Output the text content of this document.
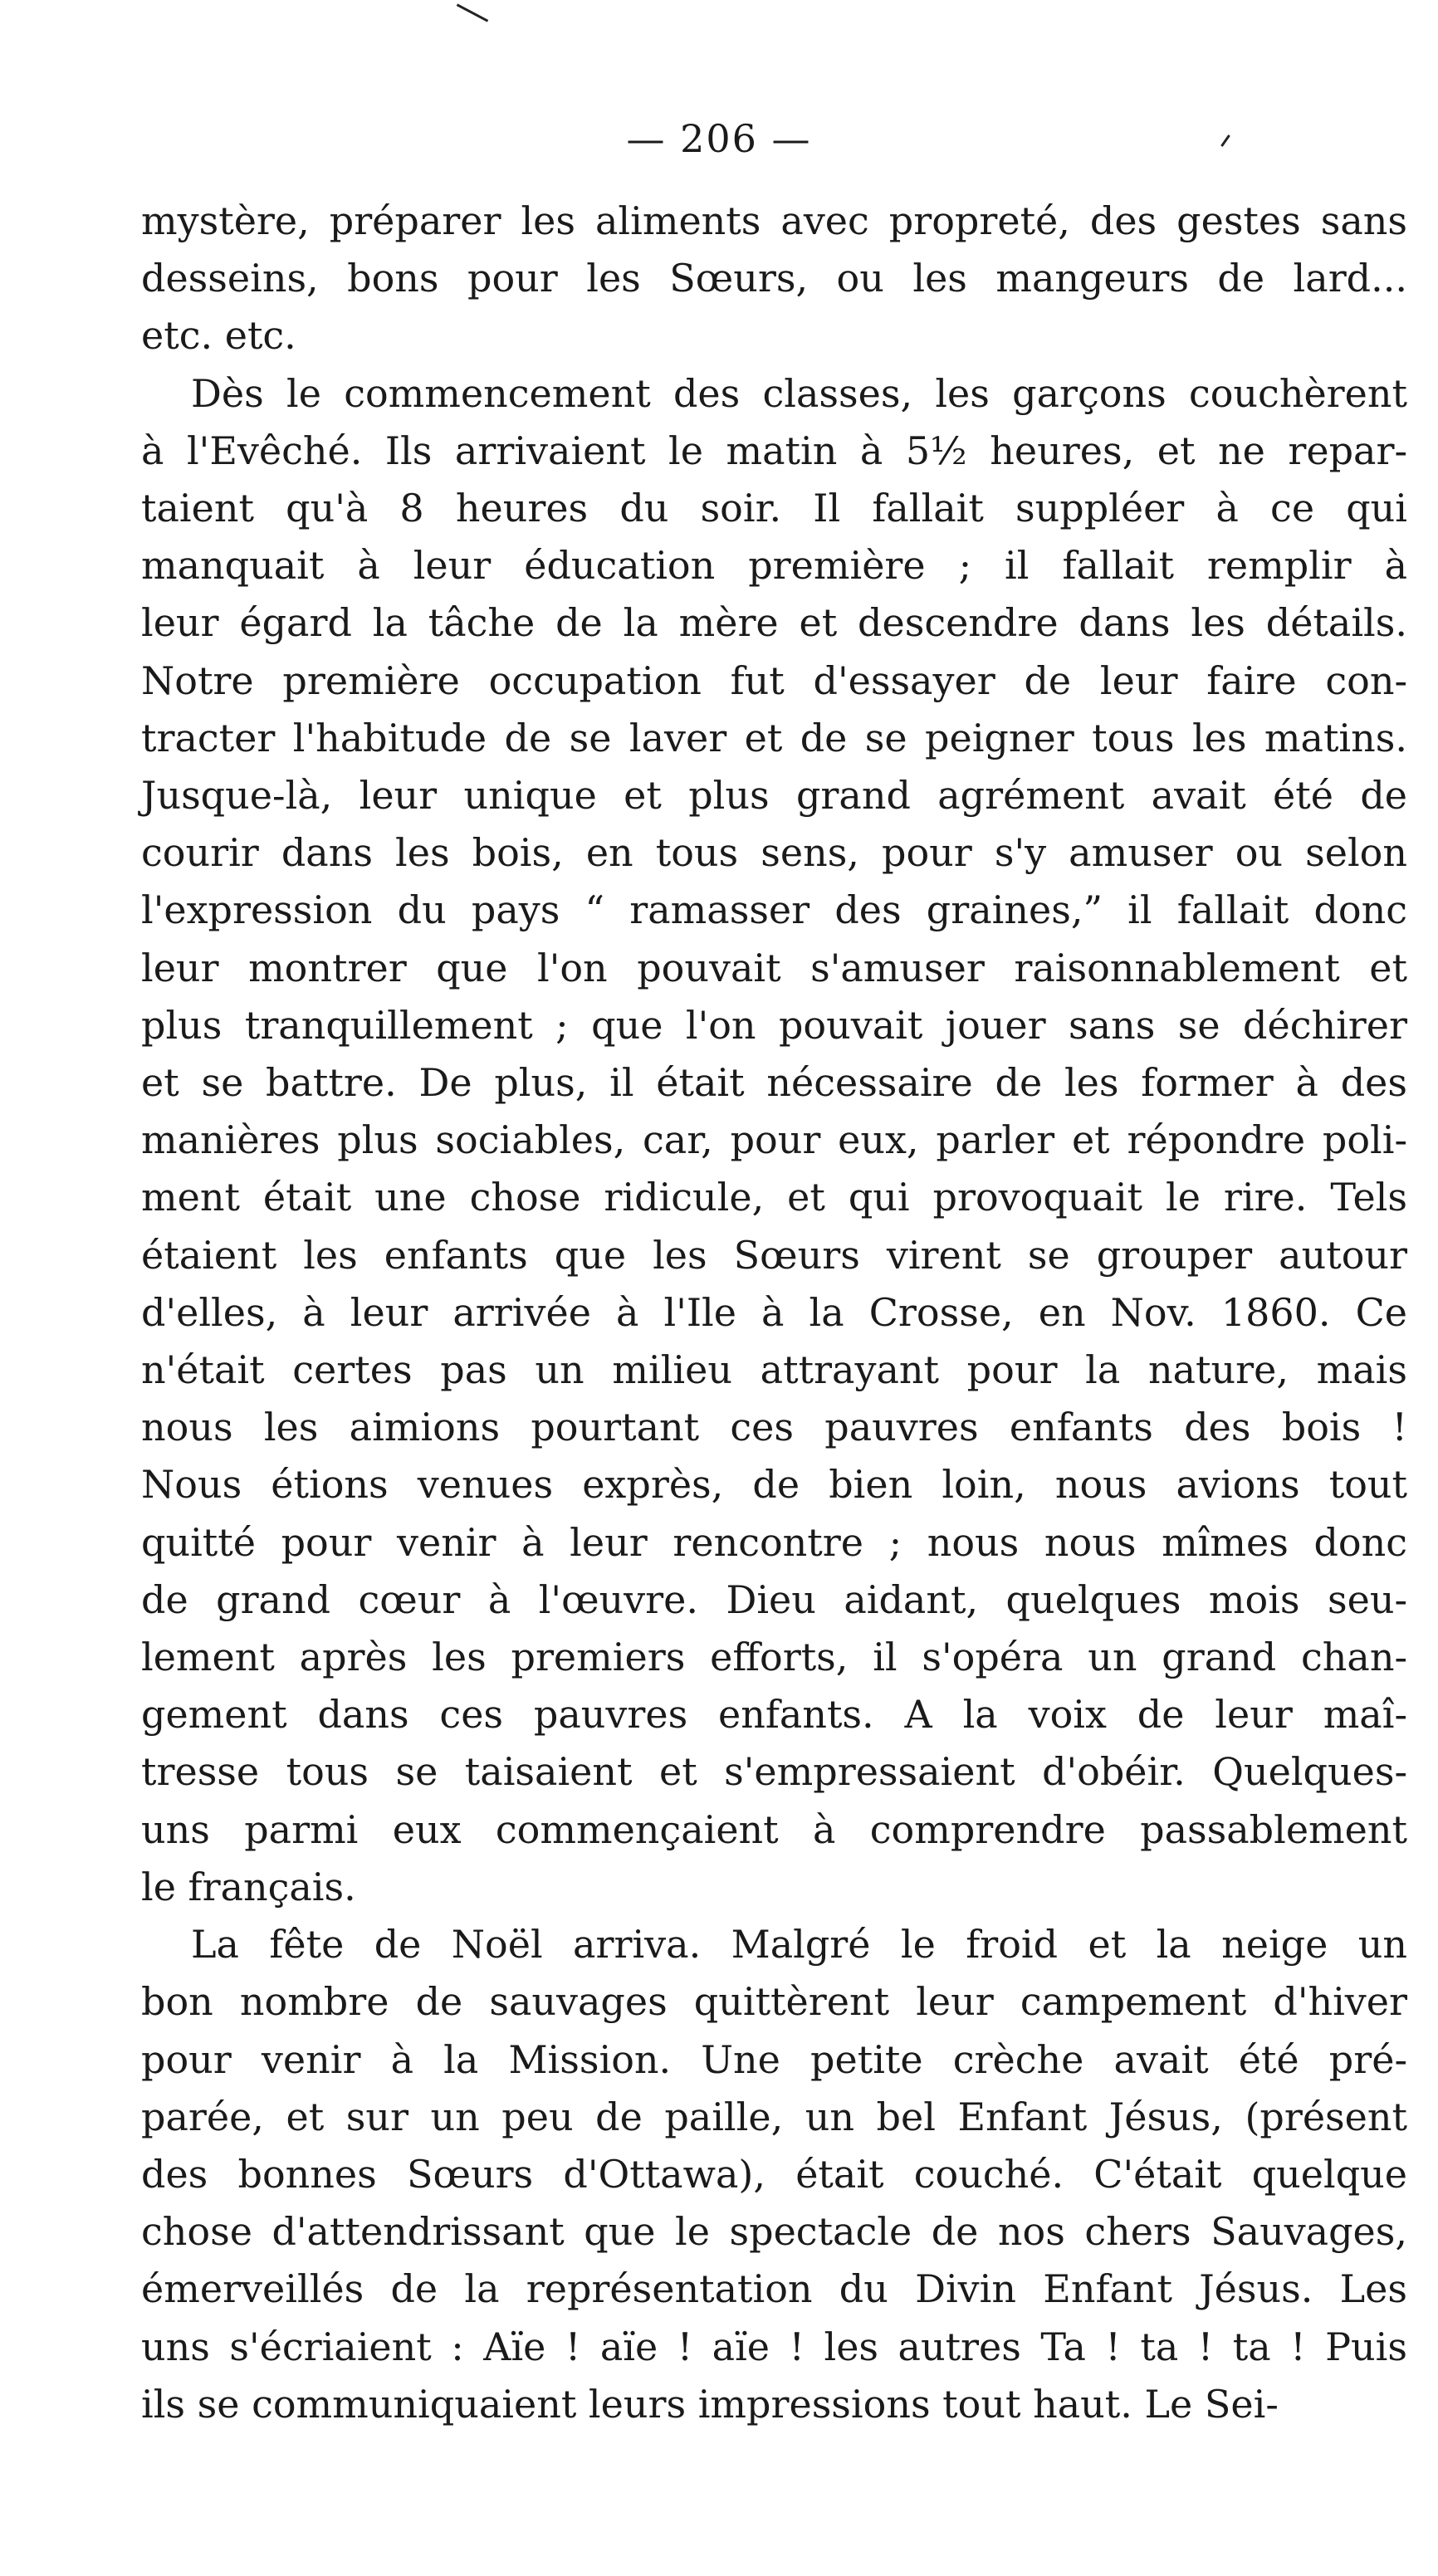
— 206 —
mystère, préparer les aliments avec propreté, des gestes sans
desseins, bons pour les Sœurs, ou les mangeurs de lard...
etc. etc.
Dès le commencement des classes, les garçons couchèrent
à l'Evêché. Ils arrivaient le matin à 5½ heures, et ne repar-
taient qu'à 8 heures du soir. Il fallait suppléer à ce qui
manquait à leur éducation première ; il fallait remplir à
leur égard la tâche de la mère et descendre dans les détails.
Notre première occupation fut d'essayer de leur faire con-
tracter l'habitude de se laver et de se peigner tous les matins.
Jusque-là, leur unique et plus grand agrément avait été de
courir dans les bois, en tous sens, pour s'y amuser ou selon
l'expression du pays “ ramasser des graines,” il fallait donc
leur montrer que l'on pouvait s'amuser raisonnablement et
plus tranquillement ; que l'on pouvait jouer sans se déchirer
et se battre. De plus, il était nécessaire de les former à des
manières plus sociables, car, pour eux, parler et répondre poli-
ment était une chose ridicule, et qui provoquait le rire. Tels
étaient les enfants que les Sœurs virent se grouper autour
d'elles, à leur arrivée à l'Ile à la Crosse, en Nov. 1860. Ce
n'était certes pas un milieu attrayant pour la nature, mais
nous les aimions pourtant ces pauvres enfants des bois !
Nous étions venues exprès, de bien loin, nous avions tout
quitté pour venir à leur rencontre ; nous nous mîmes donc
de grand cœur à l'œuvre. Dieu aidant, quelques mois seu-
lement après les premiers efforts, il s'opéra un grand chan-
gement dans ces pauvres enfants. A la voix de leur maî-
tresse tous se taisaient et s'empressaient d'obéir. Quelques-
uns parmi eux commençaient à comprendre passablement
le français.
La fête de Noël arriva. Malgré le froid et la neige un
bon nombre de sauvages quittèrent leur campement d'hiver
pour venir à la Mission. Une petite crèche avait été pré-
parée, et sur un peu de paille, un bel Enfant Jésus, (présent
des bonnes Sœurs d'Ottawa), était couché. C'était quelque
chose d'attendrissant que le spectacle de nos chers Sauvages,
émerveillés de la représentation du Divin Enfant Jésus. Les
uns s'écriaient : Aïe ! aïe ! aïe ! les autres Ta ! ta ! ta ! Puis
ils se communiquaient leurs impressions tout haut. Le Sei-
